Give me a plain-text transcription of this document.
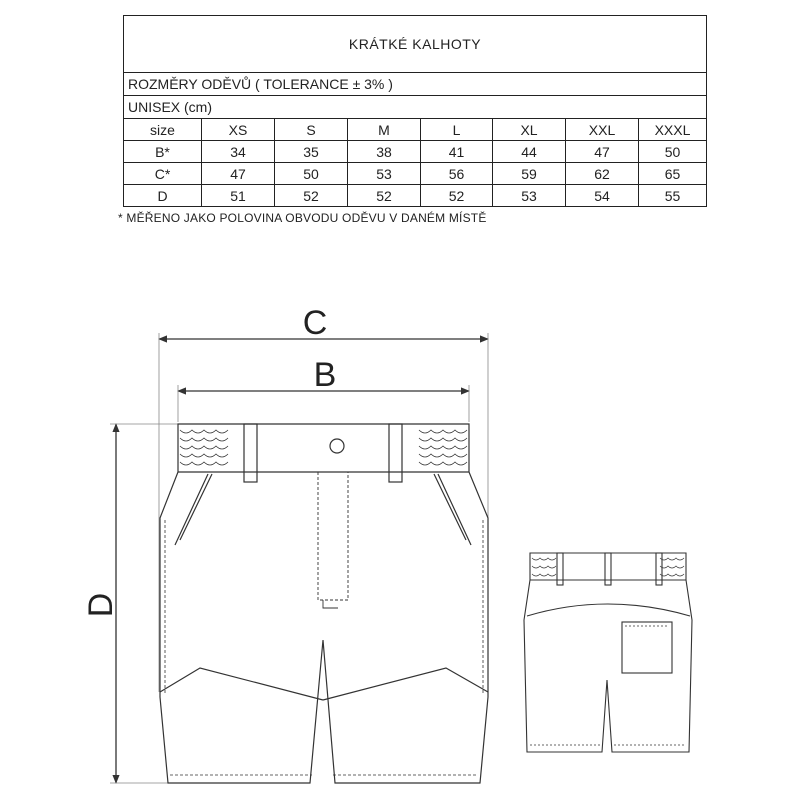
KRÁTKÉ KALHOTY							
ROZMĚRY ODĚVŮ ( TOLERANCE ± 3% )							
UNISEX (cm)							
size	XS	S	M	L	XL	XXL	XXXL
B*	34	35	38	41	44	47	50
C*	47	50	53	56	59	62	65
D	51	52	52	52	53	54	55
* MĚŘENO JAKO POLOVINA OBVODU ODĚVU V DANÉM MÍSTĚ
C
B
D
